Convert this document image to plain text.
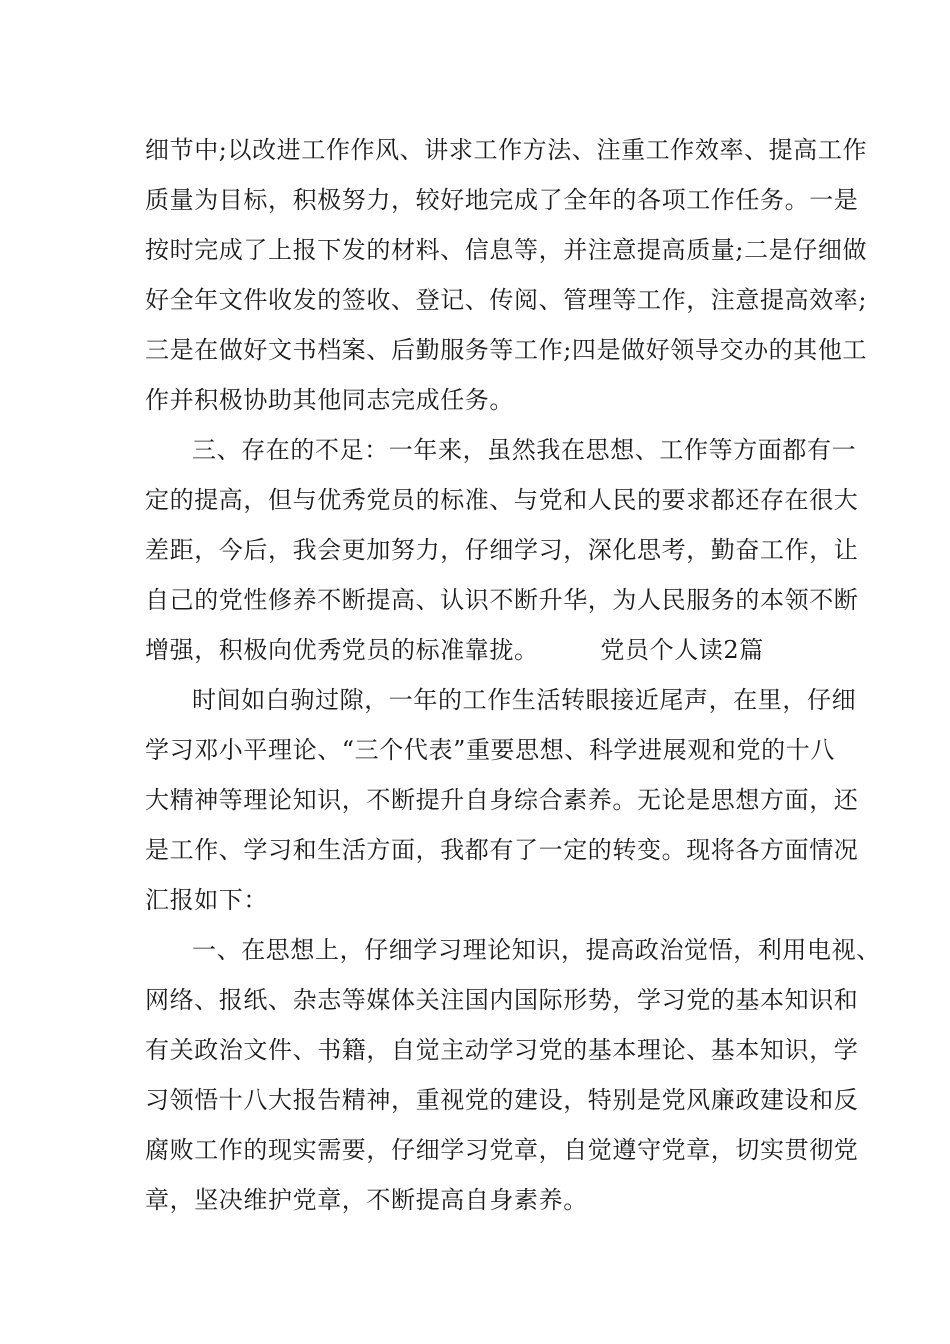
细节中;以改进工作作风、讲求工作方法、注重工作效率、提高工作
质量为目标，积极努力，较好地完成了全年的各项工作任务。一是
按时完成了上报下发的材料、信息等，并注意提高质量;二是仔细做
好全年文件收发的签收、登记、传阅、管理等工作，注意提高效率;
三是在做好文书档案、后勤服务等工作;四是做好领导交办的其他工
作并积极协助其他同志完成任务。
三、存在的不足：一年来，虽然我在思想、工作等方面都有一
定的提高，但与优秀党员的标准、与党和人民的要求都还存在很大
差距，今后，我会更加努力，仔细学习，深化思考，勤奋工作，让
自己的党性修养不断提高、认识不断升华，为人民服务的本领不断
增强，积极向优秀党员的标准靠拢。　　　党员个人读2篇
时间如白驹过隙，一年的工作生活转眼接近尾声，在里，仔细
学习邓小平理论、“三个代表”重要思想、科学进展观和党的十八
大精神等理论知识，不断提升自身综合素养。无论是思想方面，还
是工作、学习和生活方面，我都有了一定的转变。现将各方面情况
汇报如下：
一、在思想上，仔细学习理论知识，提高政治觉悟，利用电视、
网络、报纸、杂志等媒体关注国内国际形势，学习党的基本知识和
有关政治文件、书籍，自觉主动学习党的基本理论、基本知识，学
习领悟十八大报告精神，重视党的建设，特别是党风廉政建设和反
腐败工作的现实需要，仔细学习党章，自觉遵守党章，切实贯彻党
章，坚决维护党章，不断提高自身素养。
